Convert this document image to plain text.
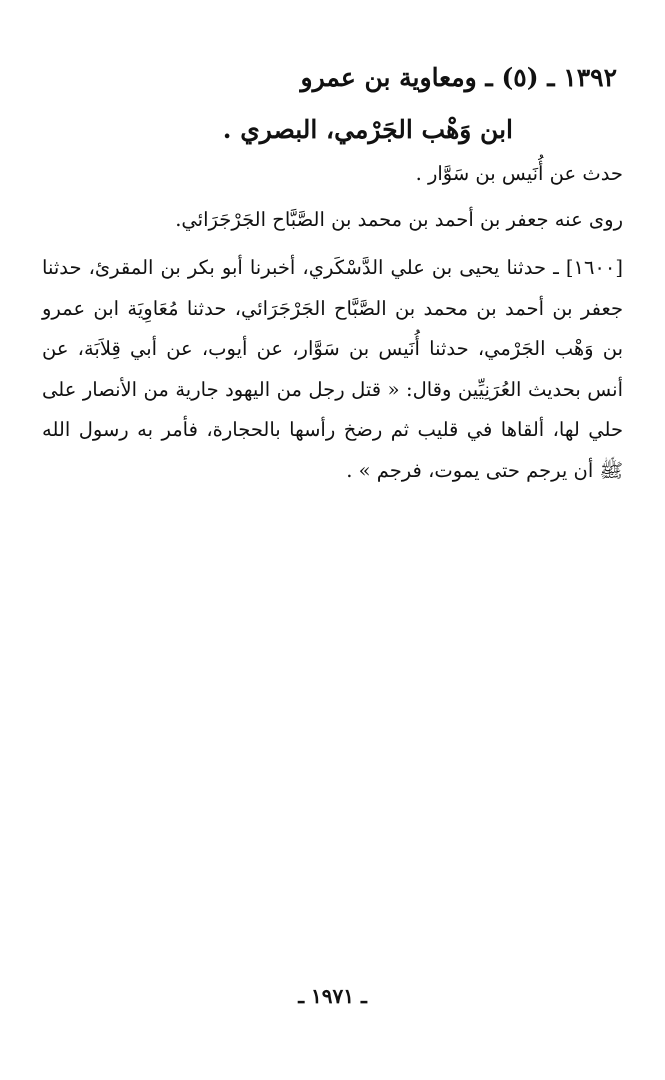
١٣٩٢ ـ (٥) ـ ومعاوية بن عمرو
ابن وَهْب الجَرْمي، البصري .
حدث عن أُنَيس بن سَوَّار .
روى عنه جعفر بن أحمد بن محمد بن الصَّبَّاح الجَرْجَرَائي.
[١٦٠٠] ـ حدثنا يحيى بن علي الدَّسْكَري، أخبرنا أبو بكر بن المقرئ، حدثنا جعفر بن أحمد بن محمد بن الصَّبَّاح الجَرْجَرَائي، حدثنا مُعَاوِيَة ابن عمرو بن وَهْب الجَرْمي، حدثنا أُنَيس بن سَوَّار، عن أيوب، عن أبي قِلاَبَة، عن أنس بحديث العُرَنِيِّين وقال: « قتل رجل من اليهود جارية من الأنصار على حلي لها، ألقاها في قليب ثم رضخ رأسها بالحجارة، فأمر به رسول الله ﷺ أن يرجم حتى يموت، فرجم » .
ـ ١٩٧١ ـ
